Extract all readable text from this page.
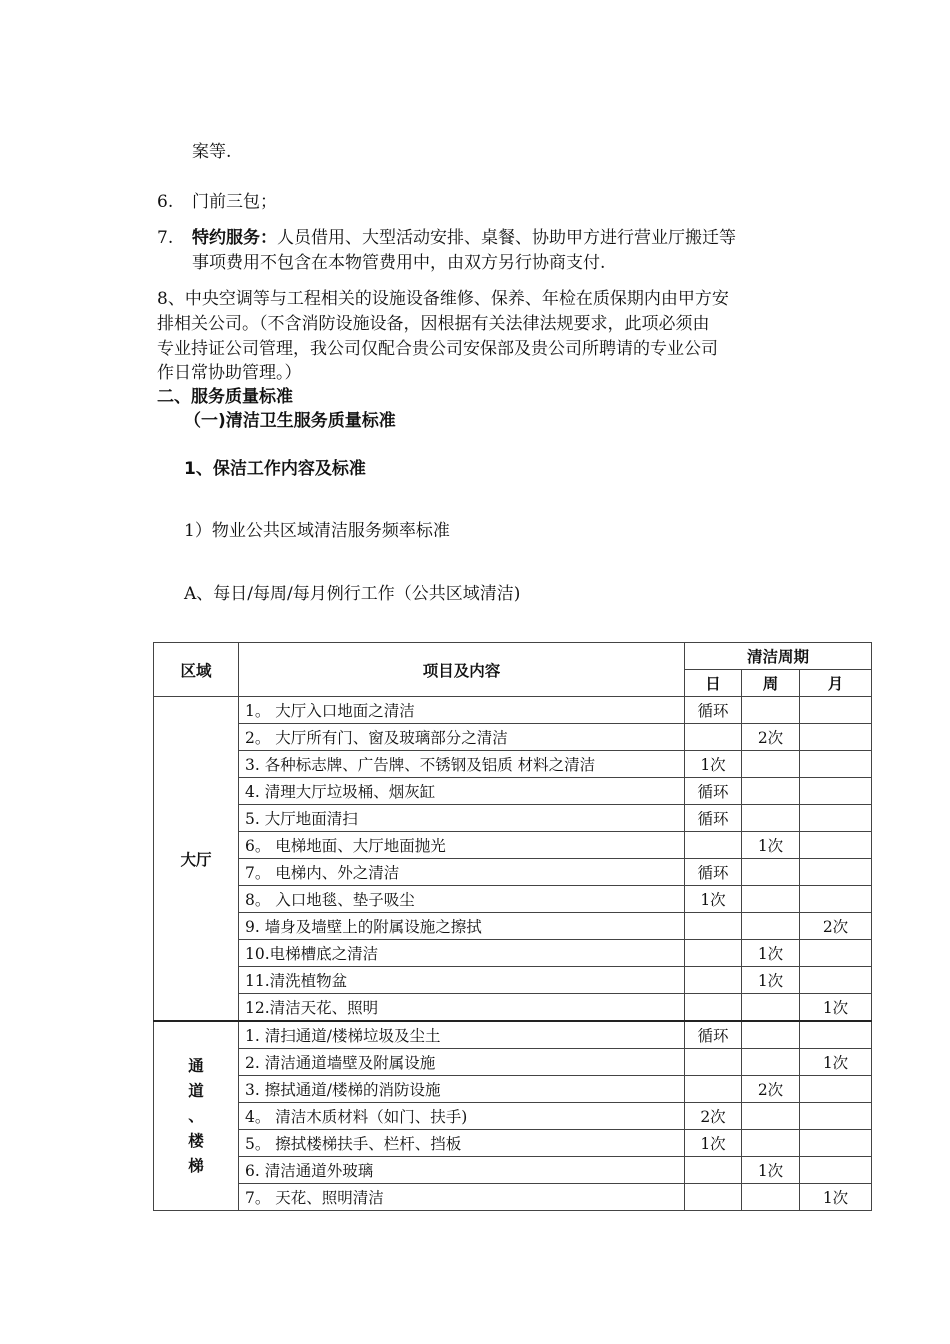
案等.
6. 门前三包；
7. 特约服务：人员借用、大型活动安排、桌餐、协助甲方进行营业厅搬迁等
事项费用不包含在本物管费用中，由双方另行协商支付.
8、中央空调等与工程相关的设施设备维修、保养、年检在质保期内由甲方安
排相关公司。（不含消防设施设备，因根据有关法律法规要求，此项必须由
专业持证公司管理，我公司仅配合贵公司安保部及贵公司所聘请的专业公司
作日常协助管理。）
二、服务质量标准
（一)清洁卫生服务质量标准
1、保洁工作内容及标准
1）物业公共区域清洁服务频率标准
A、每日/每周/每月例行工作（公共区域清洁)
区域	项目及内容	清洁周期		
		日	周	月
大厅	1。 大厅入口地面之清洁	循环		
	2。 大厅所有门、窗及玻璃部分之清洁		2次	
	3. 各种标志牌、广告牌、不锈钢及铝质 材料之清洁	1次		
	4. 清理大厅垃圾桶、烟灰缸	循环		
	5. 大厅地面清扫	循环		
	6。 电梯地面、大厅地面抛光		1次	
	7。 电梯内、外之清洁	循环		
	8。 入口地毯、垫子吸尘	1次		
	9. 墙身及墙壁上的附属设施之擦拭			2次
	10.电梯槽底之清洁		1次	
	11.清洗植物盆		1次	
	12.清洁天花、照明			1次

通
道
、
楼
梯	1. 清扫通道/楼梯垃圾及尘土	循环		
	2. 清洁通道墙壁及附属设施			1次
	3. 擦拭通道/楼梯的消防设施		2次	
	4。 清洁木质材料（如门、扶手)	2次		
	5。 擦拭楼梯扶手、栏杆、挡板	1次		
	6. 清洁通道外玻璃		1次	
	7。 天花、照明清洁			1次
